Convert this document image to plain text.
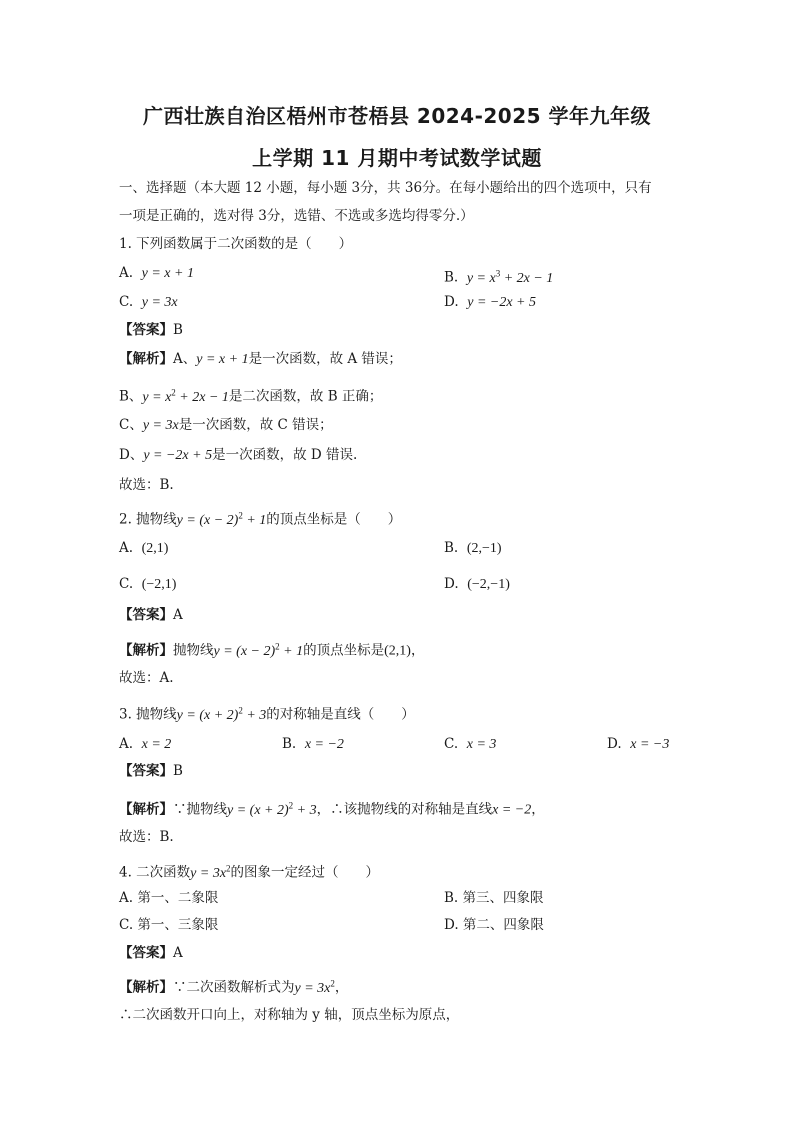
广西壮族自治区梧州市苍梧县 2024-2025 学年九年级
上学期 11 月期中考试数学试题
一、选择题（本大题 12 小题，每小题 3分，共 36分。在每小题给出的四个选项中，只有
一项是正确的，选对得 3分，选错、不选或多选均得零分.）
1. 下列函数属于二次函数的是（　　）
A. y = x + 1	B. $y = x^3 + 2x - 1$
C. y = 3x	D. y = −2x + 5
【答案】B
【解析】A、y = x + 1是一次函数，故 A 错误；
B、$y = x^2 + 2x - 1$是二次函数，故 B 正确；
C、y = 3x是一次函数，故 C 错误；
D、y = −2x + 5是一次函数，故 D 错误.
故选：B.
2. 抛物线$y = (x - 2)^2 + 1$的顶点坐标是（　　）
A. (2,1)	B. (2,−1)
C. (−2,1)	D. (−2,−1)
【答案】A
【解析】抛物线$y = (x - 2)^2 + 1$的顶点坐标是(2,1)，
故选：A.
3. 抛物线$y = (x + 2)^2 + 3$的对称轴是直线（　　）
A. x = 2	B. x = −2	C. x = 3	D. x = −3
【答案】B
【解析】∵抛物线$y = (x + 2)^2 + 3$，∴该抛物线的对称轴是直线x = −2，
故选：B.
4. 二次函数$y = 3x^2$的图象一定经过（　　）
A. 第一、二象限	B. 第三、四象限
C. 第一、三象限	D. 第二、四象限
【答案】A
【解析】∵二次函数解析式为$y = 3x^2$，
∴二次函数开口向上，对称轴为 y 轴，顶点坐标为原点，
